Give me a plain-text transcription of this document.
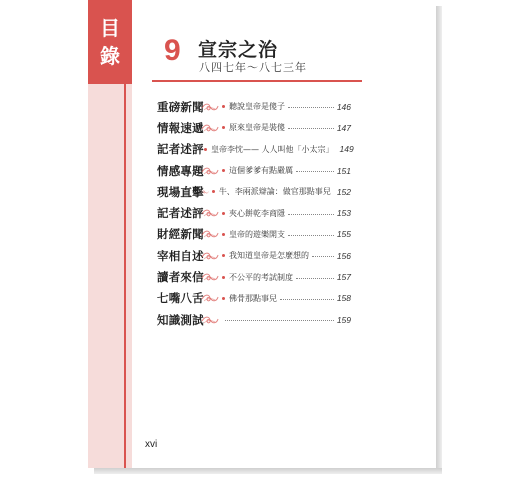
目
錄 9 宣宗之治
八四七年～八七三年
重磅新聞	聽說皇帝是傻子	146
情報速遞	原來皇帝是裝傻	147
記者述評 皇帝李忱—— 人人叫他「小太宗」 149
情感專題	這個爹爹有點嚴厲	151
現場直擊 牛、李兩派辯論：做官那點事兒 152
記者述評	夾心餅乾李商隱	153
財經新聞	皇帝的遊樂開支	155
宰相自述	我知道皇帝是怎麼想的	156
讀者來信	不公平的考試制度	157
七嘴八舌	佛骨那點事兒	158
知識測試	159
xvi
